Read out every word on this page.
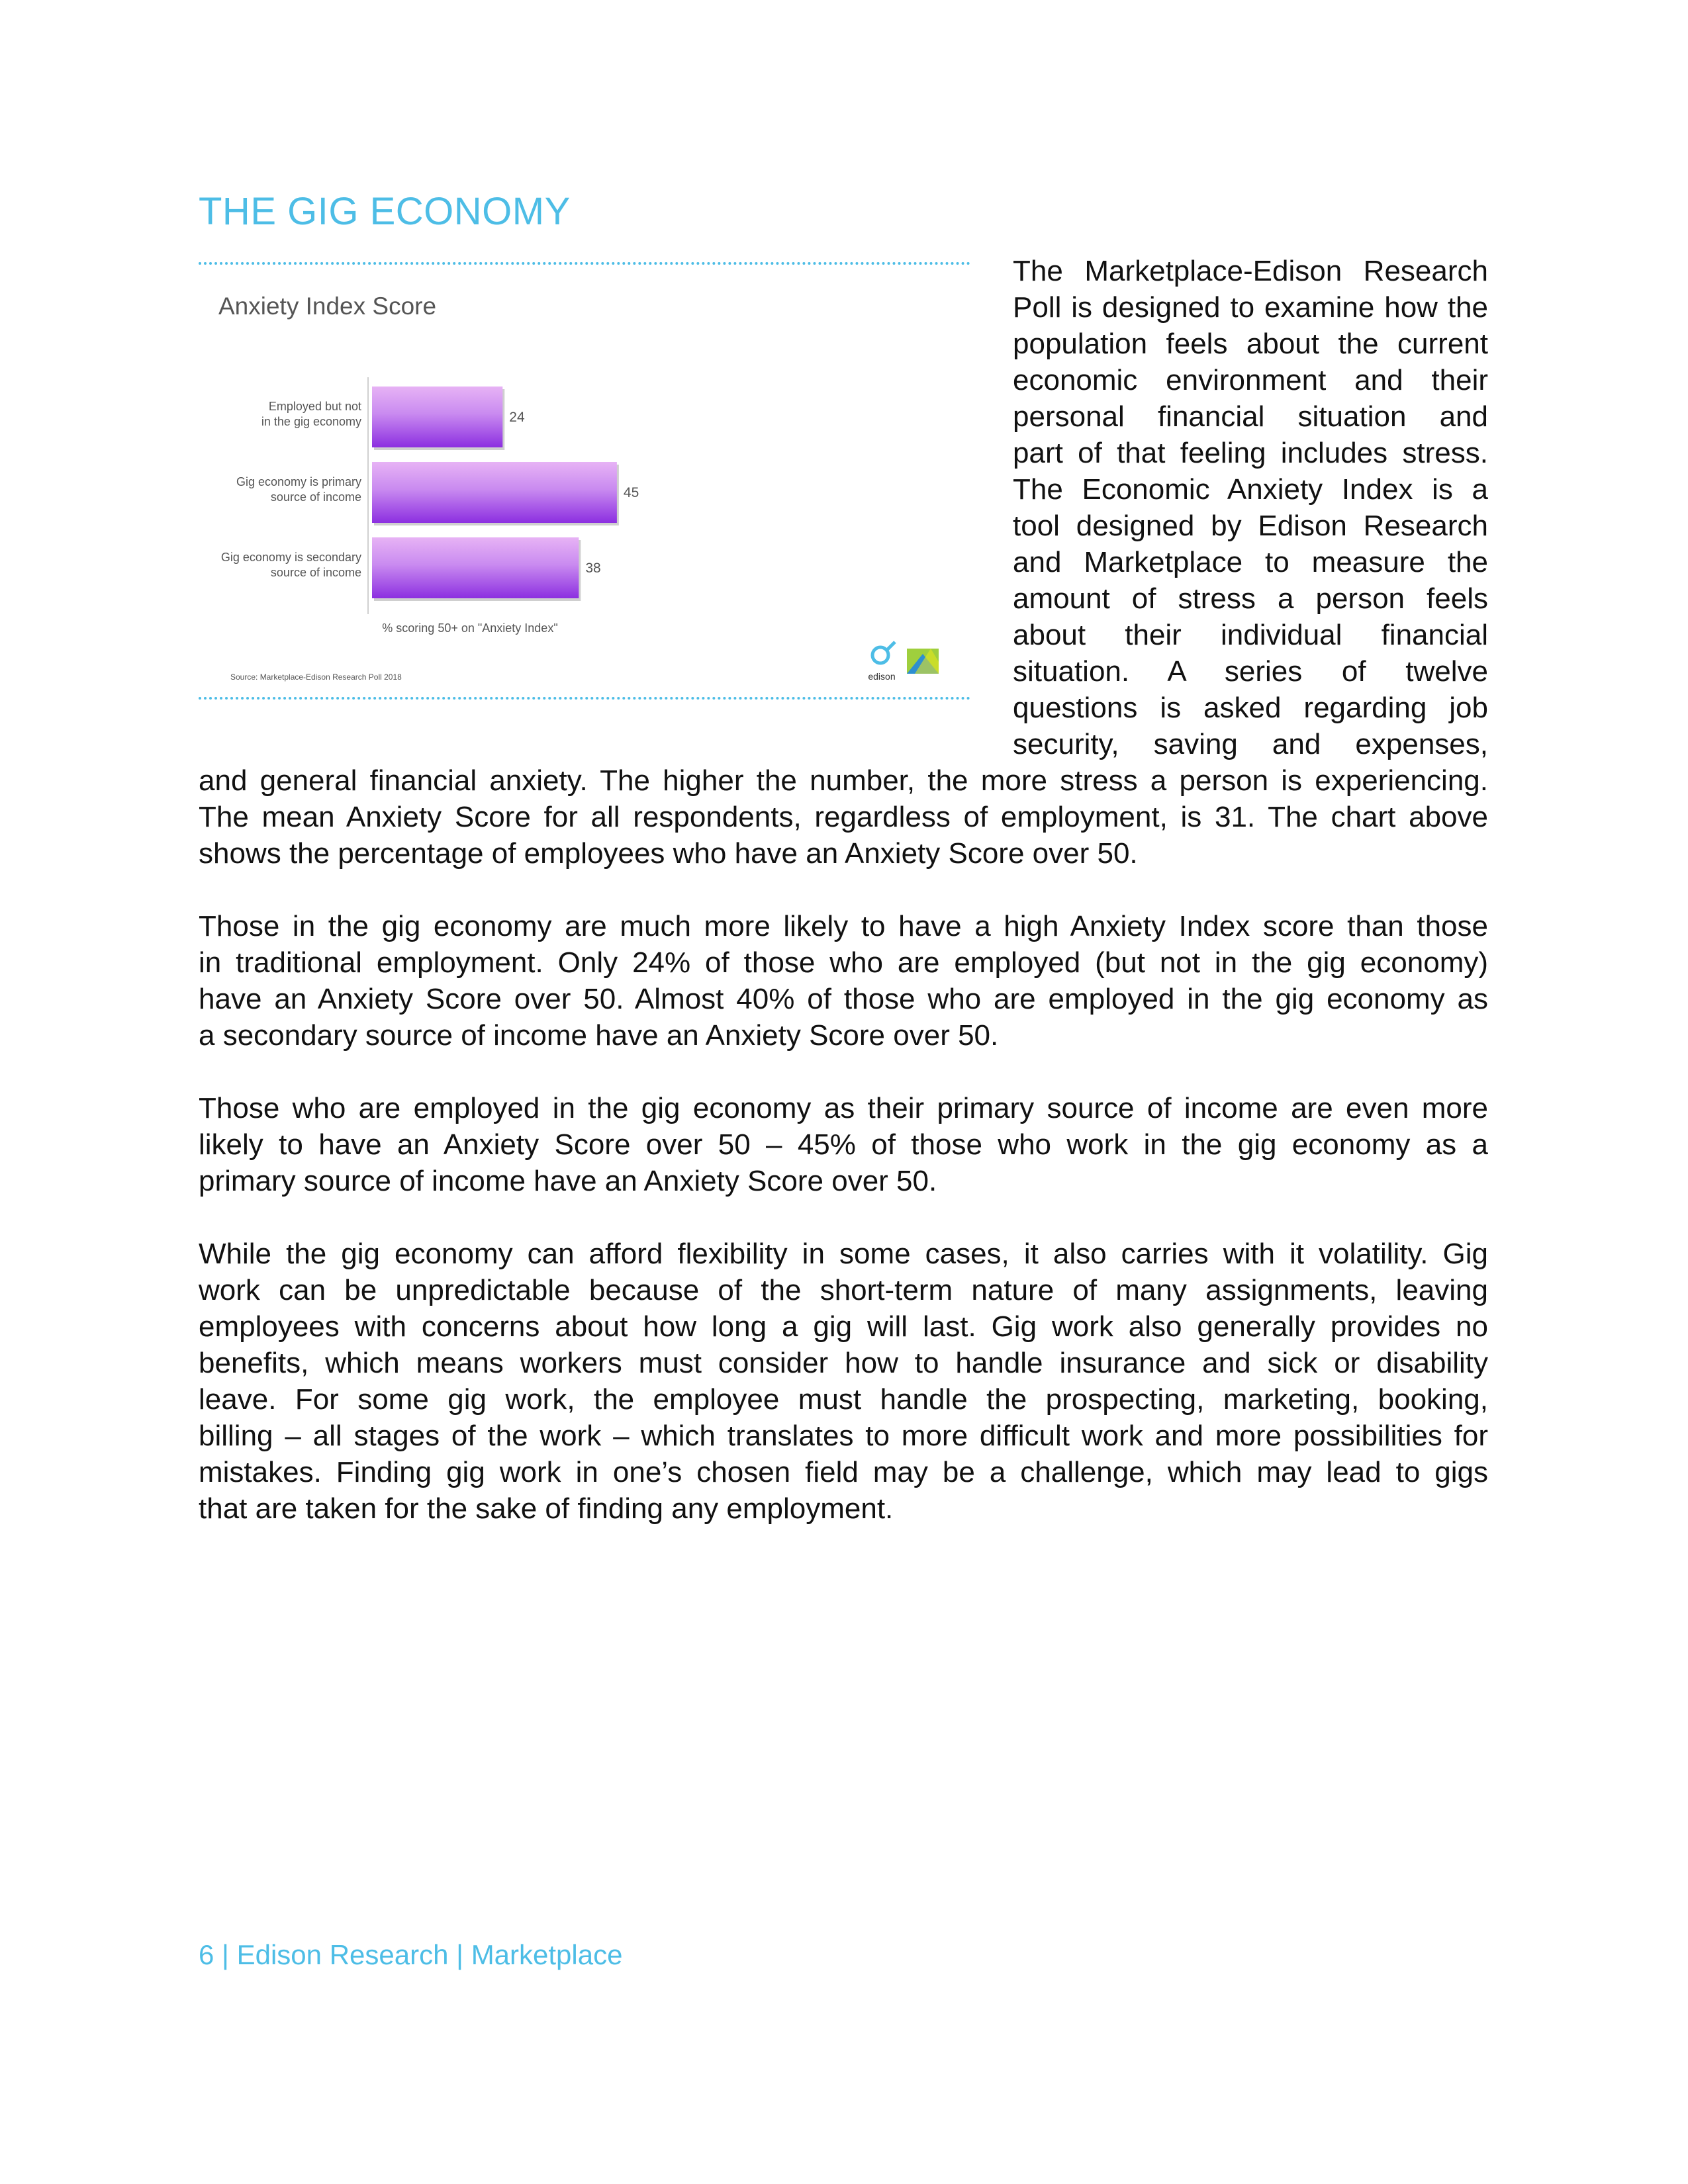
THE GIG ECONOMY
Anxiety Index Score
24
Employed but not
in the gig economy
45
Gig economy is primary
source of income
38
Gig economy is secondary
source of income
% scoring 50+ on "Anxiety Index"
Source: Marketplace-Edison Research Poll 2018	edison
The Marketplace-Edison Research
Poll is designed to examine how the
population feels about the current
economic environment and their
personal financial situation and
part of that feeling includes stress.
The Economic Anxiety Index is a
tool designed by Edison Research
and Marketplace to measure the
amount of stress a person feels
about their individual financial
situation. A series of twelve
questions is asked regarding job
security, saving and expenses,
and general financial anxiety. The higher the number, the more stress a person is experiencing.
The mean Anxiety Score for all respondents, regardless of employment, is 31. The chart above
shows the percentage of employees who have an Anxiety Score over 50.
Those in the gig economy are much more likely to have a high Anxiety Index score than those
in traditional employment. Only 24% of those who are employed (but not in the gig economy)
have an Anxiety Score over 50. Almost 40% of those who are employed in the gig economy as
a secondary source of income have an Anxiety Score over 50.
Those who are employed in the gig economy as their primary source of income are even more
likely to have an Anxiety Score over 50 – 45% of those who work in the gig economy as a
primary source of income have an Anxiety Score over 50.
While the gig economy can afford flexibility in some cases, it also carries with it volatility. Gig
work can be unpredictable because of the short-term nature of many assignments, leaving
employees with concerns about how long a gig will last. Gig work also generally provides no
benefits, which means workers must consider how to handle insurance and sick or disability
leave. For some gig work, the employee must handle the prospecting, marketing, booking,
billing – all stages of the work – which translates to more difficult work and more possibilities for
mistakes. Finding gig work in one’s chosen field may be a challenge, which may lead to gigs
that are taken for the sake of finding any employment.
6 | Edison Research | Marketplace
